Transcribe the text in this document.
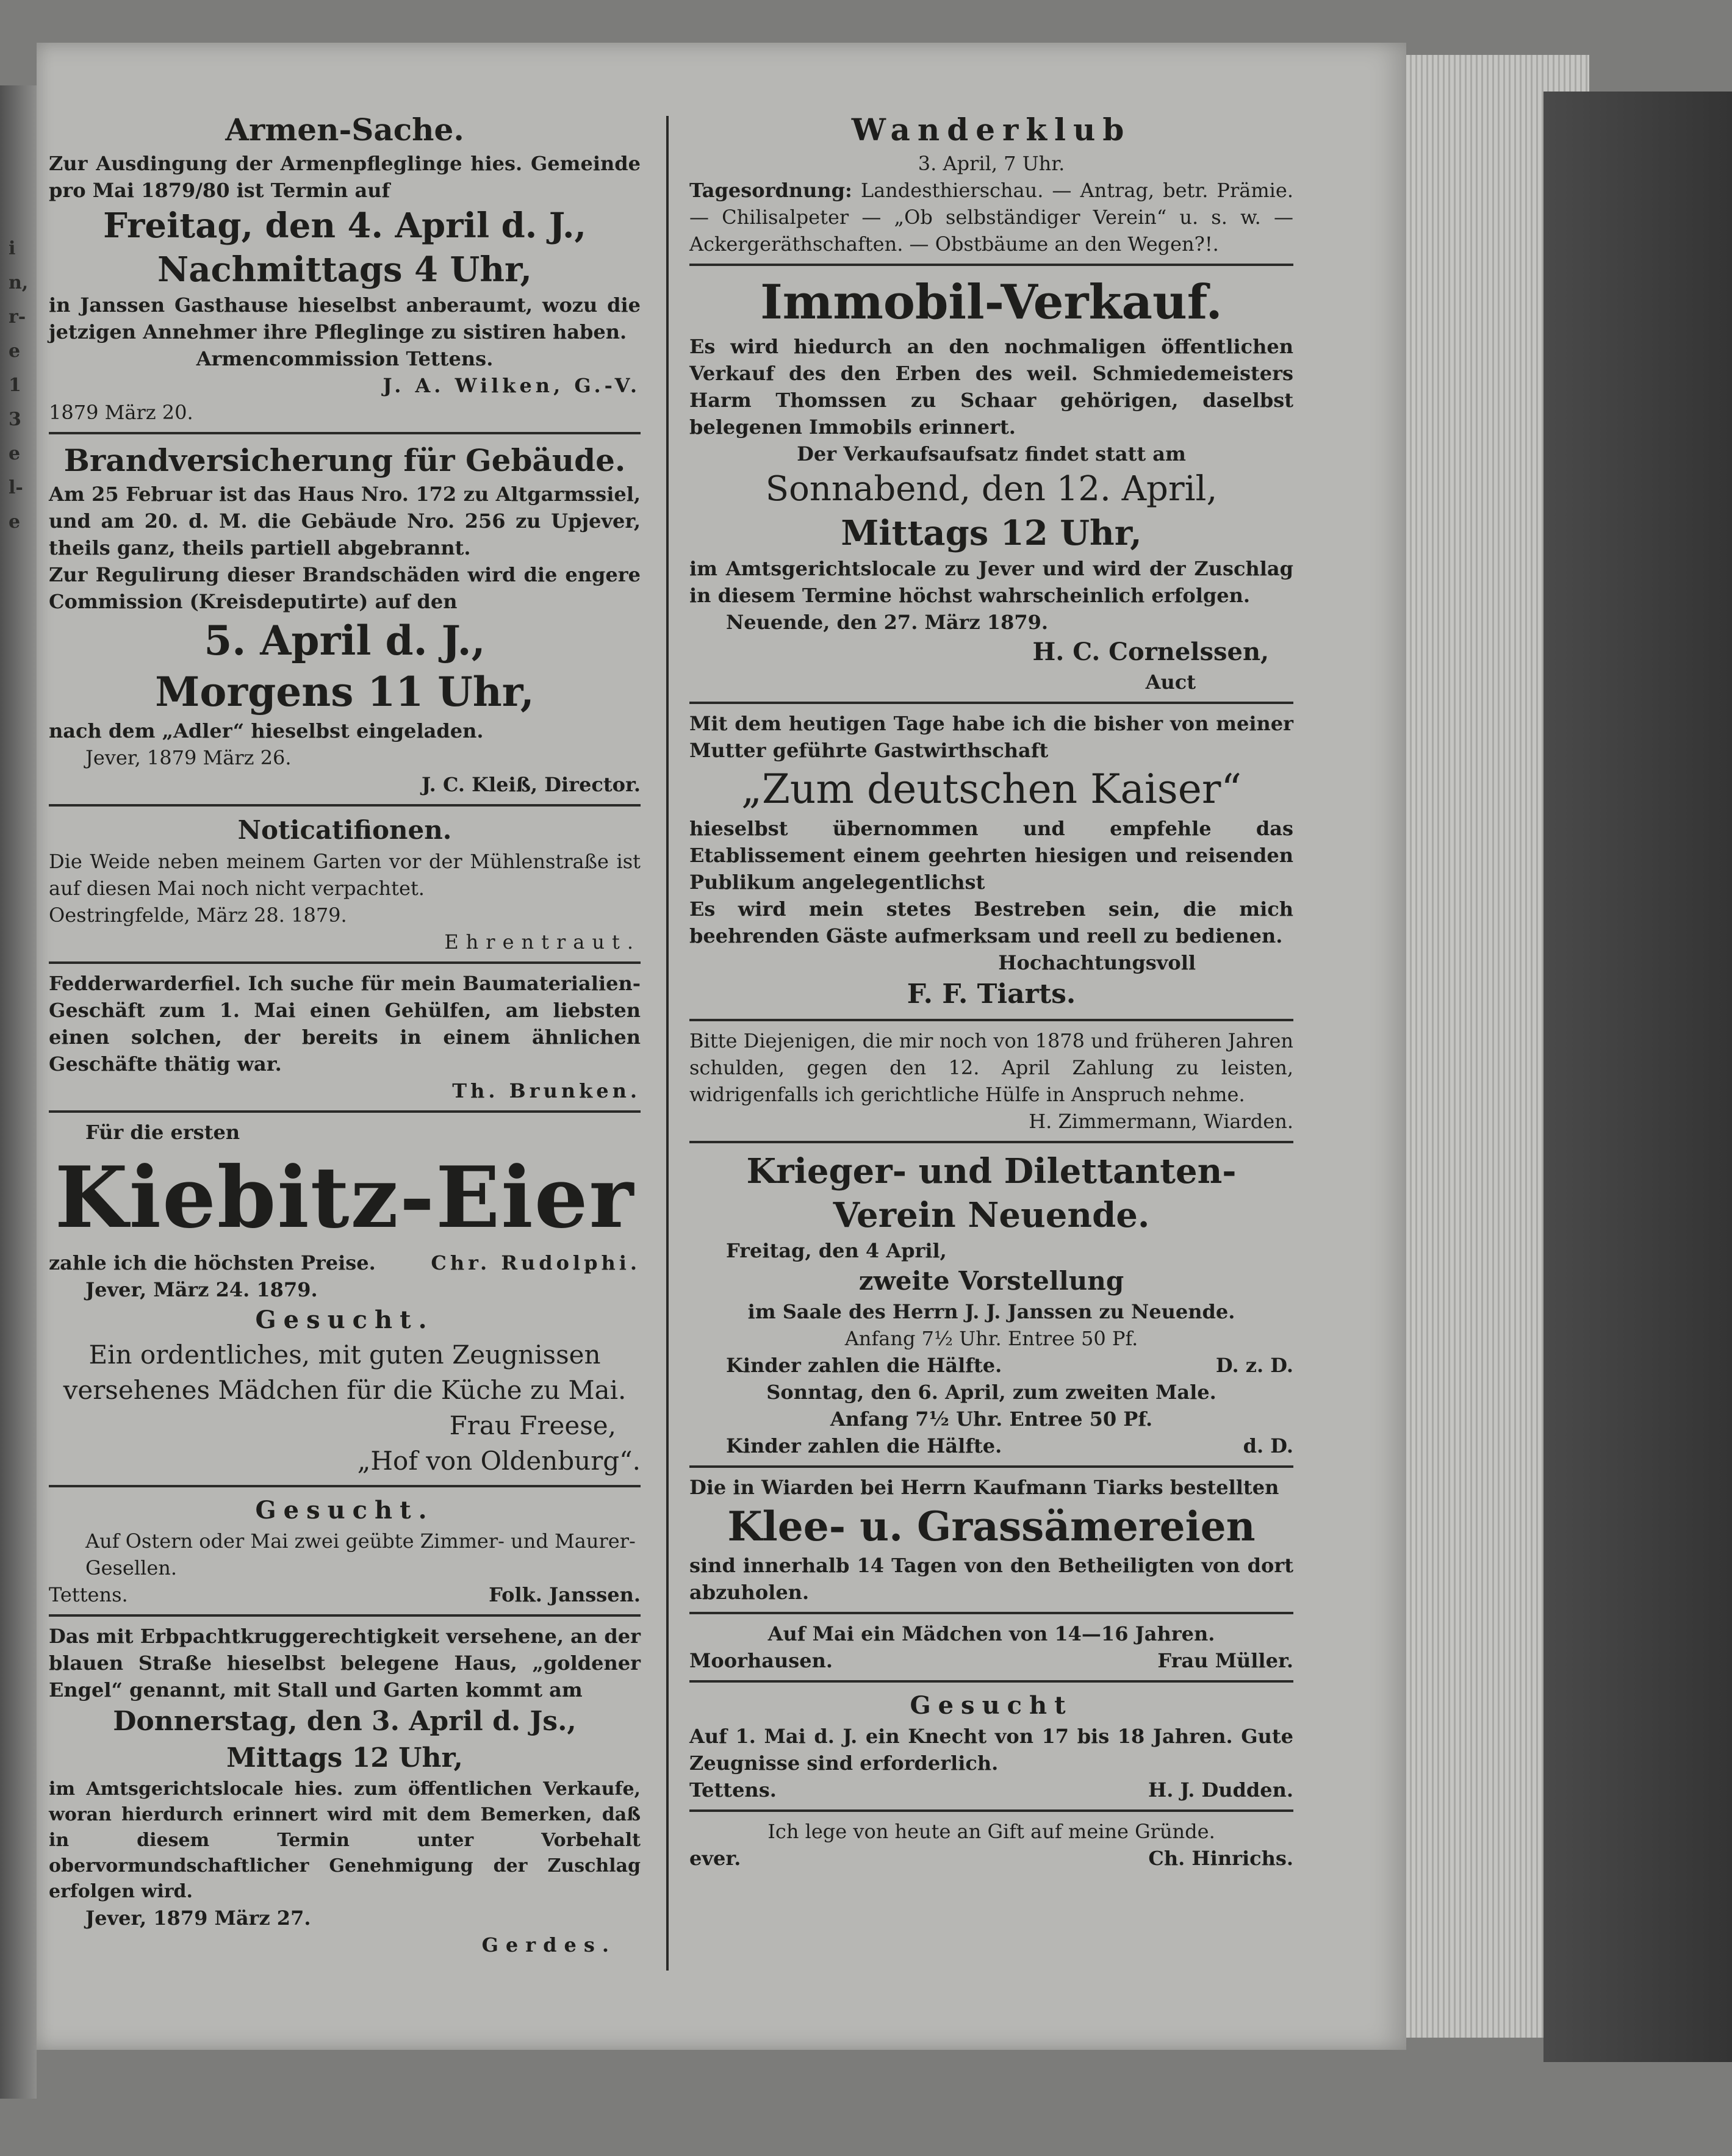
i
n,
r-
e
1
3
e
l-
e
Armen-Sache.
Zur Ausdingung der Armenpfleglinge hies. Gemeinde pro Mai 1879/80 ist Termin auf
Freitag, den 4. April d. J.,
Nachmittags 4 Uhr,
in Janssen Gasthause hieselbst anberaumt, wozu die jetzigen Annehmer ihre Pfleglinge zu sistiren haben.
Armencommission Tettens.
J. A. Wilken, G.-V.
1879 März 20.
Brandversicherung für Gebäude.
Am 25 Februar ist das Haus Nro. 172 zu Altgarmssiel, und am 20. d. M. die Gebäude Nro. 256 zu Upjever, theils ganz, theils partiell abgebrannt.
Zur Regulirung dieser Brandschäden wird die engere Commission (Kreisdeputirte) auf den
5. April d. J.,
Morgens 11 Uhr,
nach dem „Adler“ hieselbst eingeladen.
Jever, 1879 März 26.
J. C. Kleiß, Director.
Noticatifionen.
Die Weide neben meinem Garten vor der Mühlenstraße ist auf diesen Mai noch nicht verpachtet.
Oestringfelde, März 28. 1879.
Ehrentraut.
Fedderwarderfiel. Ich suche für mein Baumaterialien-Geschäft zum 1. Mai einen Gehülfen, am liebsten einen solchen, der bereits in einem ähnlichen Geschäfte thätig war.
Th. Brunken.
Für die ersten
Kiebitz-Eier
zahle ich die höchsten Preise.	Chr. Rudolphi.
Jever, März 24. 1879.
Gesucht.
Ein ordentliches, mit guten Zeugnissen versehenes Mädchen für die Küche zu Mai.
Frau Freese,
„Hof von Oldenburg“.
Gesucht.
Auf Ostern oder Mai zwei geübte Zimmer- und Maurer-Gesellen.
Tettens.	Folk. Janssen.
Das mit Erbpachtkruggerechtigkeit versehene, an der blauen Straße hieselbst belegene Haus, „goldener Engel“ genannt, mit Stall und Garten kommt am
Donnerstag, den 3. April d. Js.,
Mittags 12 Uhr,
im Amtsgerichtslocale hies. zum öffentlichen Verkaufe, woran hierdurch erinnert wird mit dem Bemerken, daß in diesem Termin unter Vorbehalt obervormundschaftlicher Genehmigung der Zuschlag erfolgen wird.
Jever, 1879 März 27.
Gerdes.
Wanderklub
3. April, 7 Uhr.
Tagesordnung: Landesthierschau. — Antrag, betr. Prämie. — Chilisalpeter — „Ob selbständiger Verein“ u. s. w. — Ackergeräthschaften. — Obstbäume an den Wegen?!.
Immobil-Verkauf.
Es wird hiedurch an den nochmaligen öffentlichen Verkauf des den Erben des weil. Schmiedemeisters Harm Thomssen zu Schaar gehörigen, daselbst belegenen Immobils erinnert.
Der Verkaufsaufsatz findet statt am
Sonnabend, den 12. April,
Mittags 12 Uhr,
im Amtsgerichtslocale zu Jever und wird der Zuschlag in diesem Termine höchst wahrscheinlich erfolgen.
Neuende, den 27. März 1879.
H. C. Cornelssen,
Auct
Mit dem heutigen Tage habe ich die bisher von meiner Mutter geführte Gastwirthschaft
„Zum deutschen Kaiser“
hieselbst übernommen und empfehle das Etablissement einem geehrten hiesigen und reisenden Publikum angelegentlichst
Es wird mein stetes Bestreben sein, die mich beehrenden Gäste aufmerksam und reell zu bedienen.
Hochachtungsvoll
F. F. Tiarts.
Bitte Diejenigen, die mir noch von 1878 und früheren Jahren schulden, gegen den 12. April Zahlung zu leisten, widrigenfalls ich gerichtliche Hülfe in Anspruch nehme.
H. Zimmermann, Wiarden.
Krieger- und Dilettanten-
Verein Neuende.
Freitag, den 4 April,
zweite Vorstellung
im Saale des Herrn J. J. Janssen zu Neuende.
Anfang 7½ Uhr. Entree 50 Pf.
Kinder zahlen die Hälfte.	D. z. D.
Sonntag, den 6. April, zum zweiten Male.
Anfang 7½ Uhr. Entree 50 Pf.
Kinder zahlen die Hälfte.	d. D.
Die in Wiarden bei Herrn Kaufmann Tiarks bestellten
Klee- u. Grassämereien
sind innerhalb 14 Tagen von den Betheiligten von dort abzuholen.
Auf Mai ein Mädchen von 14—16 Jahren.
Moorhausen.	Frau Müller.
Gesucht
Auf 1. Mai d. J. ein Knecht von 17 bis 18 Jahren. Gute Zeugnisse sind erforderlich.
Tettens.	H. J. Dudden.
Ich lege von heute an Gift auf meine Gründe.
ever.	Ch. Hinrichs.
